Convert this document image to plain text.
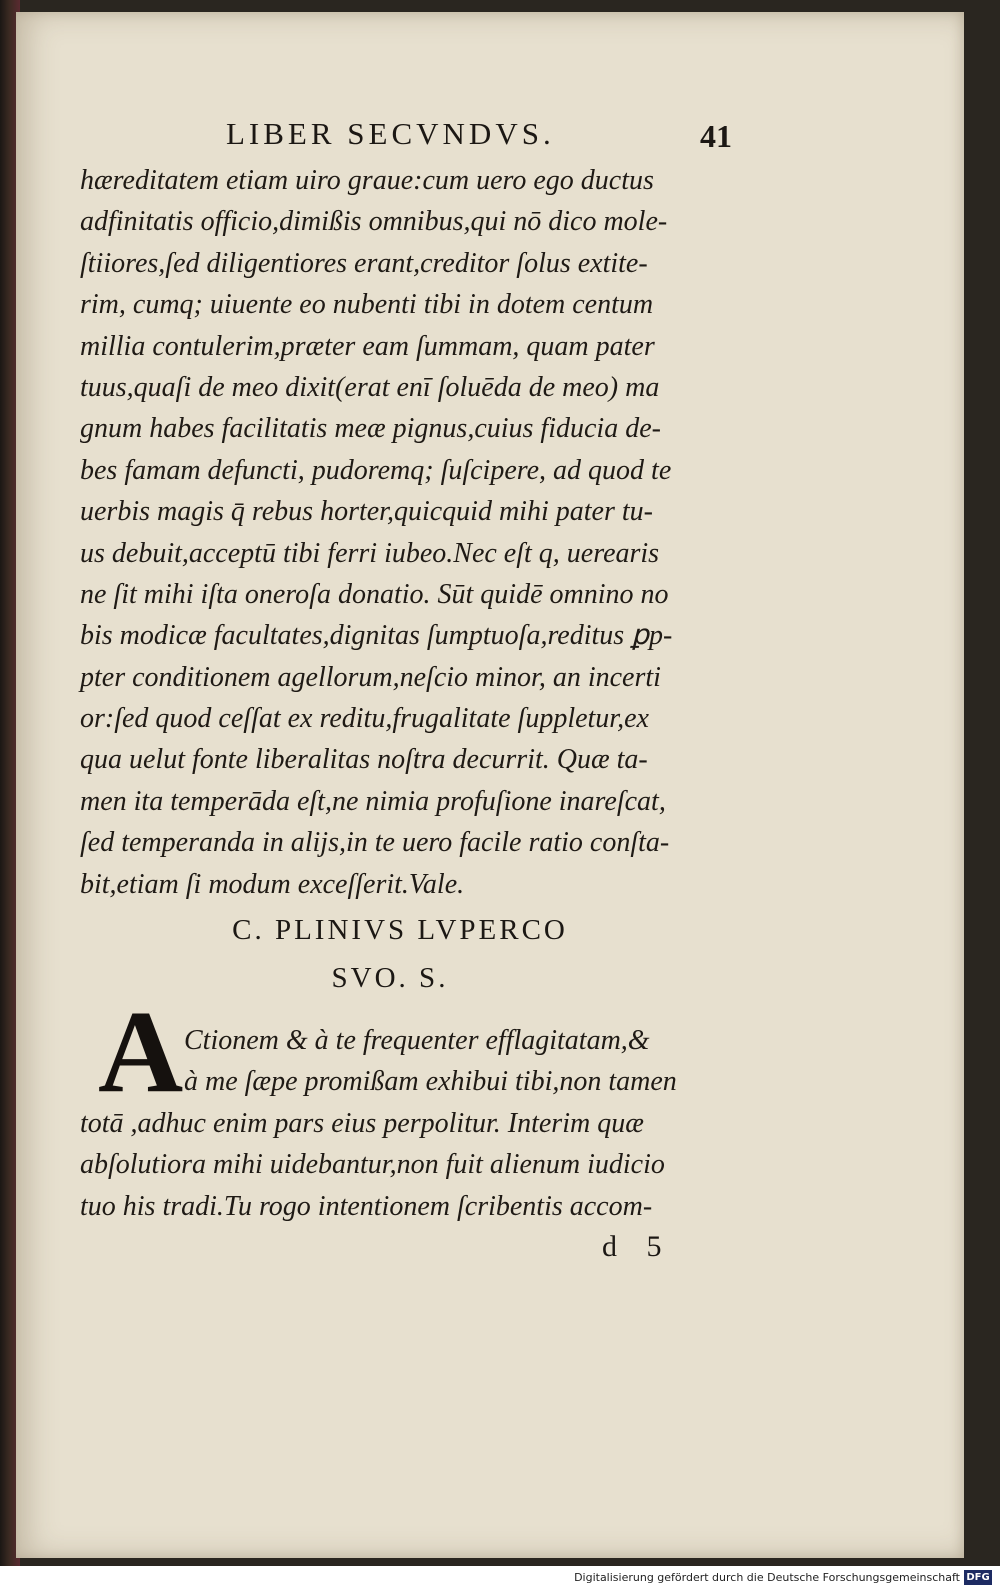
LIBER SECVNDVS.	41
hæreditatem etiam uiro graue:cum uero ego ductus
adfinitatis officio,dimißis omnibus,qui nō dico mole-
ſtiiores,ſed diligentiores erant,creditor ſolus extite-
rim, cumq; uiuente eo nubenti tibi in dotem centum
millia contulerim,præter eam ſummam, quam pater
tuus,quaſi de meo dixit(erat enī ſoluēda de meo) ma
gnum habes facilitatis meæ pignus,cuius fiducia de-
bes famam defuncti, pudoremq; ſuſcipere, ad quod te
uerbis magis q̄ rebus horter,quicquid mihi pater tu-
us debuit,acceptū tibi ferri iubeo.Nec eſt q, uerearis
ne ſit mihi iſta oneroſa donatio. Sūt quidē omnino no
bis modicæ facultates,dignitas ſumptuoſa,reditus ꝑp-
pter conditionem agellorum,neſcio minor, an incerti
or:ſed quod ceſſat ex reditu,frugalitate ſuppletur,ex
qua uelut fonte liberalitas noſtra decurrit. Quæ ta-
men ita temperāda eſt,ne nimia profuſione inareſcat,
ſed temperanda in alijs,in te uero facile ratio conſta-
bit,etiam ſi modum exceſſerit.Vale.
C. PLINIVS LVPERCO
SVO. S.
A Ctionem & à te frequenter efflagitatam,&
à me ſæpe promißam exhibui tibi,non tamen
totā ,adhuc enim pars eius perpolitur. Interim quæ
abſolutiora mihi uidebantur,non fuit alienum iudicio
tuo his tradi.Tu rogo intentionem ſcribentis accom-
d 5
Digitalisierung gefördert durch die Deutsche Forschungsgemeinschaft DFG
